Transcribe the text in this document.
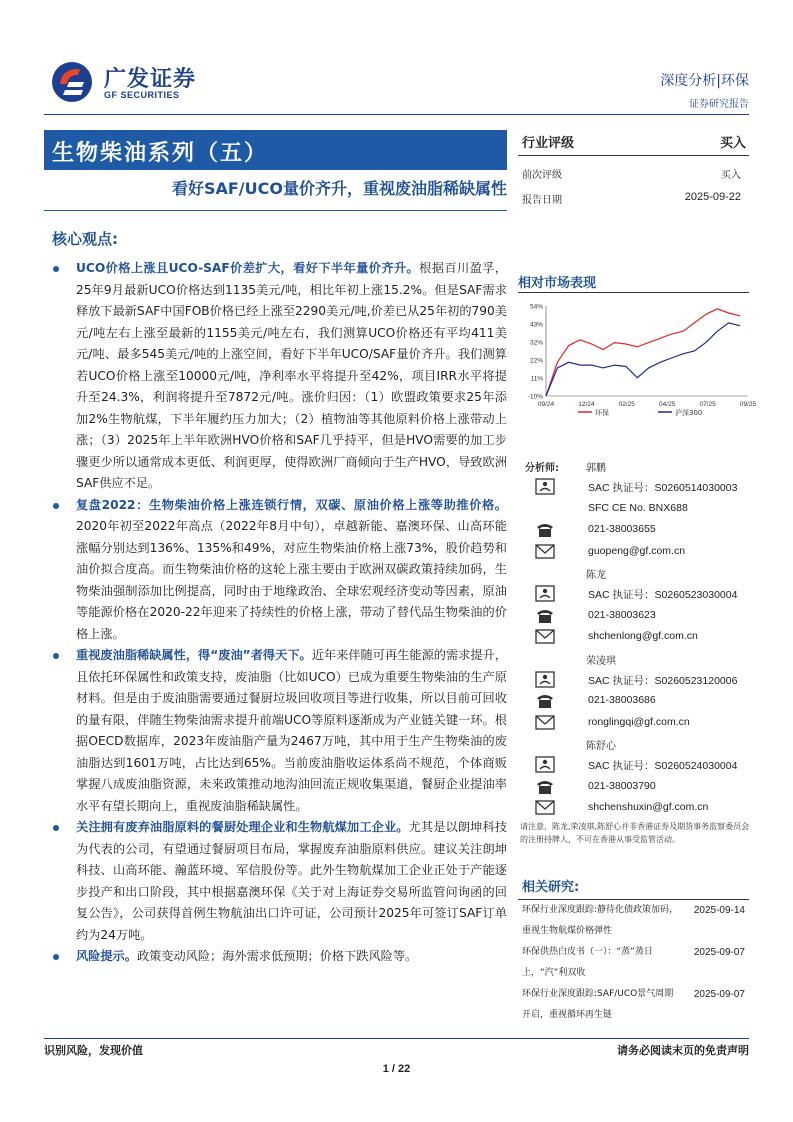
广发证券
GF SECURITIES
深度分析|环保
证券研究报告
生物柴油系列（五）
看好SAF/UCO量价齐升，重视废油脂稀缺属性
行业评级	买入
前次评级	买入
报告日期	2025-09-22
核心观点:
UCO价格上涨且UCO-SAF价差扩大，看好下半年量价齐升。根据百川盈孚，25年9月最新UCO价格达到1135美元/吨，相比年初上涨15.2%。但是SAF需求释放下最新SAF中国FOB价格已经上涨至2290美元/吨,价差已从25年初的790美元/吨左右上涨至最新的1155美元/吨左右，我们测算UCO价格还有平均411美元/吨、最多545美元/吨的上涨空间，看好下半年UCO/SAF量价齐升。我们测算若UCO价格上涨至10000元/吨，净利率水平将提升至42%，项目IRR水平将提升至24.3%，利润将提升至7872元/吨。涨价归因：（1）欧盟政策要求25年添加2%生物航煤，下半年履约压力加大；（2）植物油等其他原料价格上涨带动上涨；（3）2025年上半年欧洲HVO价格和SAF几乎持平，但是HVO需要的加工步骤更少所以通常成本更低、利润更厚，使得欧洲厂商倾向于生产HVO，导致欧洲SAF供应不足。
复盘2022：生物柴油价格上涨连锁行情，双碳、原油价格上涨等助推价格。2020年初至2022年高点（2022年8月中旬），卓越新能、嘉澳环保、山高环能涨幅分别达到136%、135%和49%，对应生物柴油价格上涨73%，股价趋势和油价拟合度高。而生物柴油价格的这轮上涨主要由于欧洲双碳政策持续加码，生物柴油强制添加比例提高，同时由于地缘政治、全球宏观经济变动等因素，原油等能源价格在2020-22年迎来了持续性的价格上涨，带动了替代品生物柴油的价格上涨。
重视废油脂稀缺属性，得“废油”者得天下。近年来伴随可再生能源的需求提升，且依托环保属性和政策支持，废油脂（比如UCO）已成为重要生物柴油的生产原材料。但是由于废油脂需要通过餐厨垃圾回收项目等进行收集，所以目前可回收的量有限，伴随生物柴油需求提升前端UCO等原料逐渐成为产业链关键一环。根据OECD数据库，2023年废油脂产量为2467万吨，其中用于生产生物柴油的废油脂达到1601万吨，占比达到65%。当前废油脂收运体系尚不规范，个体商贩掌握八成废油脂资源，未来政策推动地沟油回流正规收集渠道，餐厨企业提油率水平有望长期向上，重视废油脂稀缺属性。
关注拥有废弃油脂原料的餐厨处理企业和生物航煤加工企业。尤其是以朗坤科技为代表的公司，有望通过餐厨项目布局，掌握废弃油脂原料供应。建议关注朗坤科技、山高环能、瀚蓝环境、军信股份等。此外生物航煤加工企业正处于产能逐步投产和出口阶段，其中根据嘉澳环保《关于对上海证券交易所监管问询函的回复公告》，公司获得首例生物航油出口许可证，公司预计2025年可签订SAF订单约为24万吨。
风险提示。政策变动风险；海外需求低预期；价格下跌风险等。
相对市场表现
-10%
11%
22%
32%
43%
54%
09/24	12/24	02/25	04/25	07/25	09/25
环保	沪深300
分析师:	郭鹏
SAC 执证号：S0260514030003
SFC CE No. BNX688
021-38003655
guopeng@gf.com.cn
陈龙
SAC 执证号：S0260523030004
021-38003623
shchenlong@gf.com.cn
荣凌琪
SAC 执证号：S0260523120006
021-38003686
ronglingqi@gf.com.cn
陈舒心
SAC 执证号：S0260524030004
021-38003790
shchenshuxin@gf.com.cn
请注意，陈龙,荣凌琪,陈舒心并非香港证券及期货事务监察委员会的注册持牌人，不可在香港从事受监管活动。
相关研究:
环保行业深度跟踪:静待化债政策加码，重视生物航煤价格弹性
2025-09-14
环保供热白皮书（一）：“蒸”蒸日上，“汽”利双收
2025-09-07
环保行业深度跟踪:SAF/UCO景气周期开启，重视循环再生链
2025-09-07
识别风险，发现价值	请务必阅读末页的免责声明
1 / 22
